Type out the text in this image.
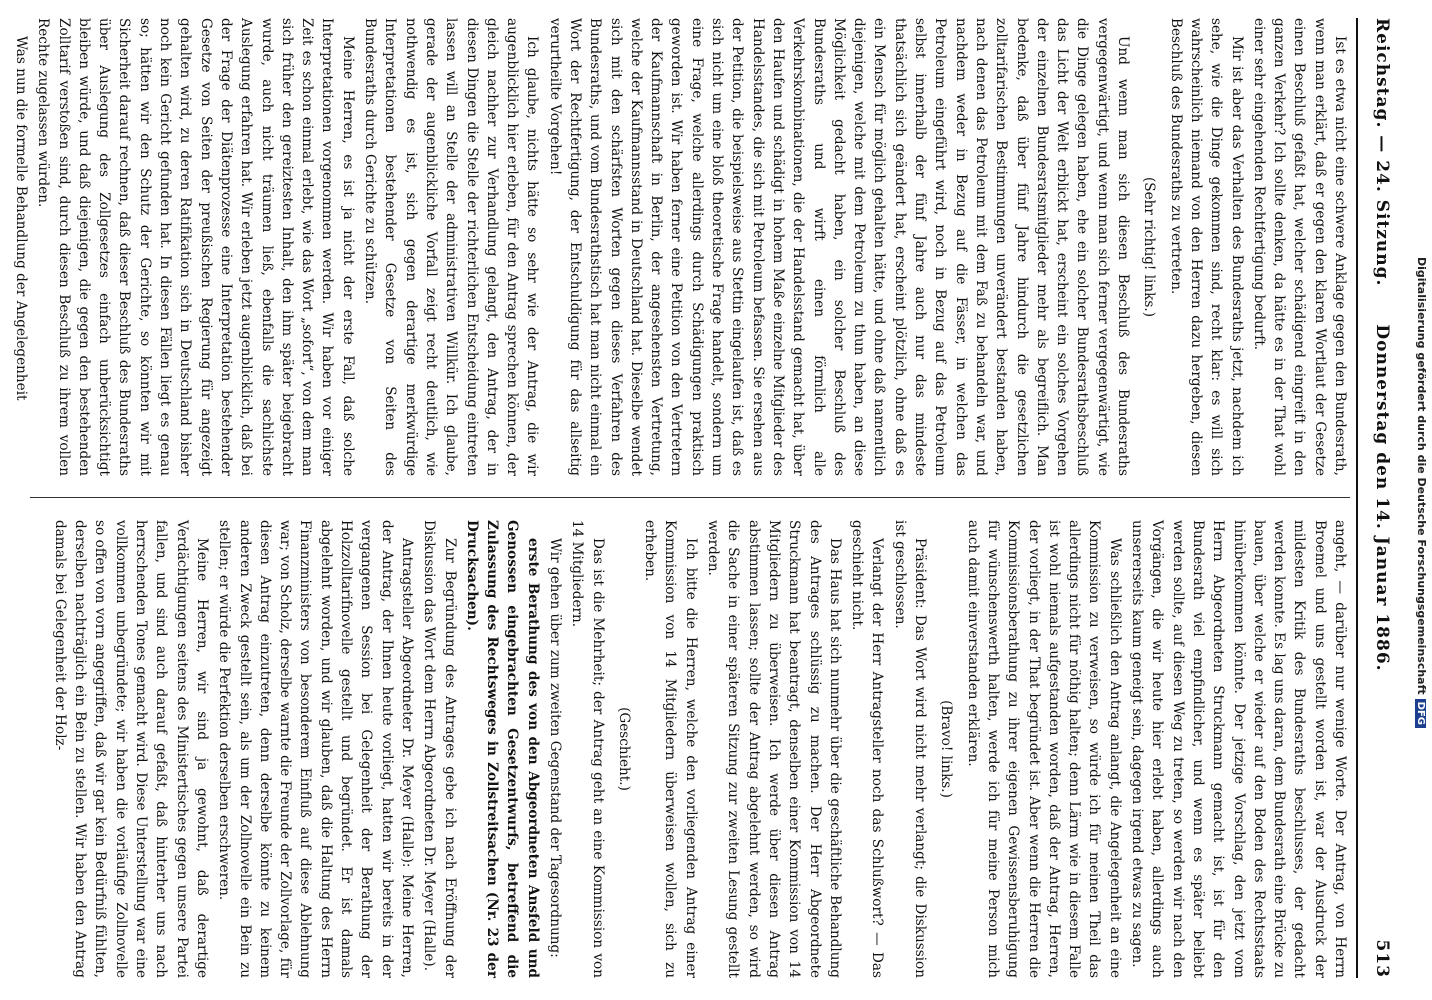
Reichstag. — 24. Sitzung.
Donnerstag den 14. Januar 1886.
513

Ist es etwa nicht eine schwere Anklage gegen den Bundesrath, wenn man erklärt, daß er gegen den klaren Wortlaut der Gesetze einen Beschluß gefaßt hat, welcher schädigend eingreift in den ganzen Verkehr? Ich sollte denken, da hätte es in der That wohl einer sehr eingehenden Rechtfertigung bedurft.

Mir ist aber das Verhalten des Bundesraths jetzt, nachdem ich sehe, wie die Dinge gekommen sind, recht klar: es will sich wahrscheinlich niemand von den Herren dazu hergeben, diesen Beschluß des Bundesraths zu vertreten.

(Sehr richtig! links.)

Und wenn man sich diesen Beschluß des Bundesraths vergegenwärtigt, und wenn man sich ferner vergegenwärtigt, wie die Dinge gelegen haben, ehe ein solcher Bundesrathsbeschluß das Licht der Welt erblickt hat, erscheint ein solches Vorgehen der einzelnen Bundesratsmitglieder mehr als begreiflich. Man bedenke, daß über fünf Jahre hindurch die gesetzlichen zolltarifarischen Bestimmungen unverändert bestanden haben, nach denen das Petroleum mit dem Faß zu behandeln war, und nachdem weder in Bezug auf die Fässer, in welchen das Petroleum eingeführt wird, noch in Bezug auf das Petroleum selbst innerhalb der fünf Jahre auch nur das mindeste thatsächlich sich geändert hat, erscheint plötzlich, ohne daß es ein Mensch für möglich gehalten hätte, und ohne daß namentlich diejenigen, welche mit dem Petroleum zu thun haben, an diese Möglichkeit gedacht haben, ein solcher Beschluß des Bundesraths und wirft einen förmlich alle Verkehrskombinationen, die der Handelsstand gemacht hat, über den Haufen und schädigt in hohem Maße einzelne Mitglieder des Handelsstandes, die sich mit Petroleum befassen. Sie ersehen aus der Petition, die beispielsweise aus Stettin eingelaufen ist, daß es sich nicht um eine bloß theoretische Frage handelt, sondern um eine Frage, welche allerdings durch Schädigungen praktisch geworden ist. Wir haben ferner eine Petition von den Vertretern der Kaufmannschaft in Berlin, der angesehensten Vertretung, welche der Kaufmannsstand in Deutschland hat. Dieselbe wendet sich mit den schärfsten Worten gegen dieses Verfahren des Bundesraths, und vom Bundesrathstisch hat man nicht einmal ein Wort der Rechtfertigung, der Entschuldigung für das allseitig verurtheilte Vorgehen!

Ich glaube, nichts hätte so sehr wie der Antrag, die wir augenblicklich hier erleben, für den Antrag sprechen können, der gleich nachher zur Verhandlung gelangt, den Antrag, der in diesen Dingen die Stelle der richterlichen Entscheidung eintreten lassen will an Stelle der administrativen Willkür. Ich glaube, gerade der augenblickliche Vorfall zeigt recht deutlich, wie nothwendig es ist, sich gegen derartige merkwürdige Interpretationen bestehender Gesetze von Seiten des Bundesraths durch Gerichte zu schützen.

Meine Herren, es ist ja nicht der erste Fall, daß solche Interpretationen vorgenommen werden. Wir haben vor einiger Zeit es schon einmal erlebt, wie das Wort „sofort“, von dem man sich früher den gereiztesten Inhalt, den ihm später beigebracht wurde, auch nicht träumen ließ, ebenfalls die sachlichste Auslegung erfahren hat. Wir erleben jetzt augenblicklich, daß bei der Frage der Diätenprozesse eine Interpretation bestehender Gesetze von Seiten der preußischen Regierung für angezeigt gehalten wird, zu deren Ratifikation sich in Deutschland bisher noch kein Gericht gefunden hat. In diesen Fällen liegt es genau so; hätten wir den Schutz der Gerichte, so könnten wir mit Sicherheit darauf rechnen, daß dieser Beschluß des Bundesraths über Auslegung des Zollgesetzes einfach unberücksichtigt bleiben würde, und daß diejenigen, die gegen den bestehenden Zolltarif verstoßen sind, durch diesen Beschluß zu ihrem vollen Rechte zugelassen würden.

Was nun die formelle Behandlung der Angelegenheit

angeht, — darüber nur wenige Worte. Der Antrag, von Herrn Broemel und uns gestellt worden ist, war der Ausdruck der mildesten Kritik des Bundesraths beschlusses, der gedacht werden konnte. Es lag uns daran, dem Bundesrath eine Brücke zu bauen, über welche er wieder auf den Boden des Rechtsstaats hinüberkommen könnte. Der jetzige Vorschlag, den jetzt vom Herrn Abgeordneten Struckmann gemacht ist, ist für den Bundesrath viel empfindlicher, und wenn es später beliebt werden sollte, auf diesen Weg zu treten, so werden wir nach den Vorgängen, die wir heute hier erlebt haben, allerdings auch unsererseits kaum geneigt sein, dagegen irgend etwas zu sagen.

Was schließlich den Antrag anlangt, die Angelegenheit an eine Kommission zu verweisen, so würde ich für meinen Theil das allerdings nicht für nöthig halten; denn Lärm wie in diesem Falle ist wohl niemals aufgestanden worden, daß der Antrag, Herren, der vorliegt, in der That begründet ist. Aber wenn die Herren die Kommissionsberathung zu ihrer eigenen Gewissensberuhigung für wünschenswerth halten, werde ich für meine Person mich auch damit einverstanden erklären.

(Bravo! links.)

Präsident: Das Wort wird nicht mehr verlangt; die Diskussion ist geschlossen.

Verlangt der Herr Antragsteller noch das Schlußwort? — Das geschieht nicht.

Das Haus hat sich nunmehr über die geschäftliche Behandlung des Antrages schlüssig zu machen. Der Herr Abgeordnete Struckmann hat beantragt, denselben einer Kommission von 14 Mitgliedern zu überweisen. Ich werde über diesen Antrag abstimmen lassen; sollte der Antrag abgelehnt werden, so wird die Sache in einer späteren Sitzung zur zweiten Lesung gestellt werden.

Ich bitte die Herren, welche den vorliegenden Antrag einer Kommission von 14 Mitgliedern überweisen wollen, sich zu erheben.

(Geschieht.)

Das ist die Mehrheit; der Antrag geht an eine Kommission von 14 Mitgliedern.

Wir gehen über zum zweiten Gegenstand der Tagesordnung:

erste Berathung des von den Abgeordneten Ansfeld und Genossen eingebrachten Gesetzentwurfs, betreffend die Zulassung des Rechtsweges in Zollstreitsachen (Nr. 23 der Drucksachen).

Zur Begründung des Antrages gebe ich nach Eröffnung der Diskussion das Wort dem Herrn Abgeordneten Dr. Meyer (Halle).

Antragsteller Abgeordneter Dr. Meyer (Halle): Meine Herren, der Antrag, der Ihnen heute vorliegt, hatten wir bereits in der vergangenen Session bei Gelegenheit der Berathung der Holzzolltarifnovelle gestellt und begründet. Er ist damals abgelehnt worden, und wir glauben, daß die Haltung des Herrn Finanzministers von besonderem Einfluß auf diese Ablehnung war; von Scholz, derselbe warnte die Freunde der Zollvorlage, für diesen Antrag einzutreten, denn derselbe könnte zu keinem anderen Zweck gestellt sein, als um der Zollnovelle ein Bein zu stellen; er würde die Perfektion derselben erschweren.

Meine Herren, wir sind ja gewohnt, daß derartige Verdächtigungen seitens des Ministertisches gegen unsere Partei fallen, und sind auch darauf gefaßt, daß hinterher uns nach herrschenden Tones gemacht wird. Diese Unterstellung war eine vollkommen unbegründete; wir haben die vorläufige Zollnovelle so offen von vorn angegriffen, daß wir gar kein Bedürfniß fühlten, derselben nachträglich ein Bein zu stellen. Wir haben den Antrag damals bei Gelegenheit der Holz-	Digitalisierung gefördert durch die Deutsche ForschungsgemeinschaftDFG
